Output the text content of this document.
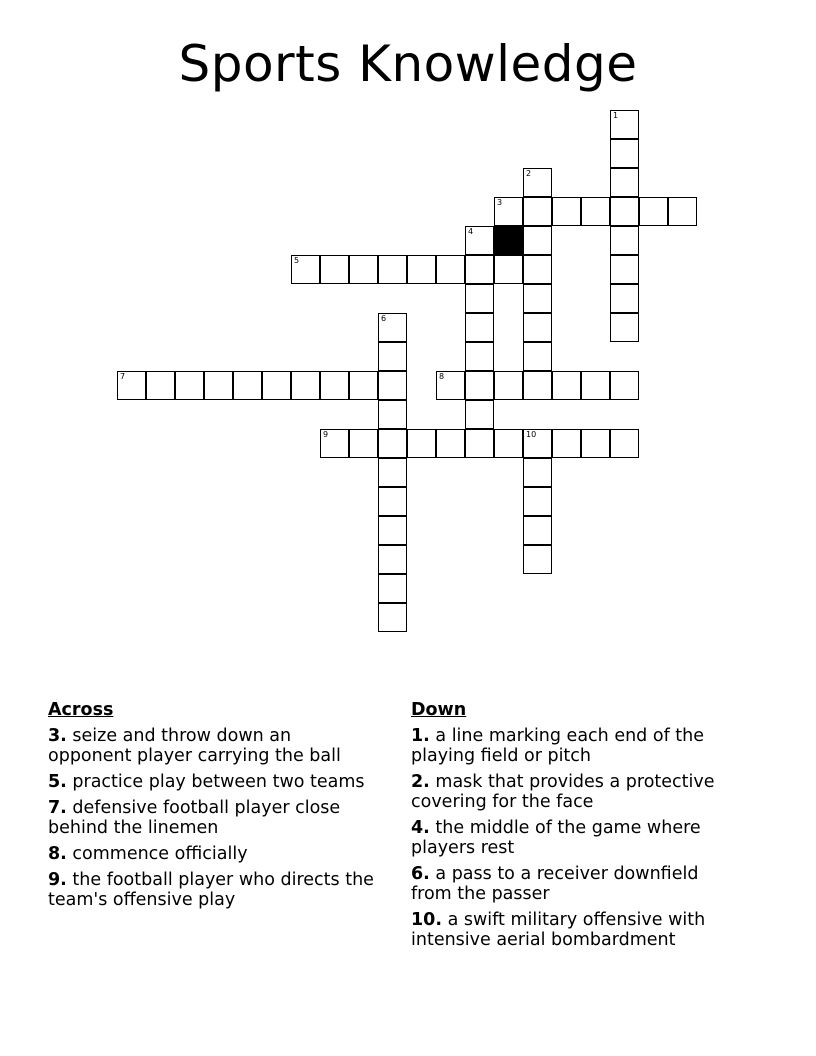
Sports Knowledge
1
2
3
4
5
6
7	8
9	10
Across
3. seize and throw down an opponent player carrying the ball
5. practice play between two teams
7. defensive football player close behind the linemen
8. commence officially
9. the football player who directs the team's offensive play
Down
1. a line marking each end of the playing field or pitch
2. mask that provides a protective covering for the face
4. the middle of the game where players rest
6. a pass to a receiver downfield from the passer
10. a swift military offensive with intensive aerial bombardment
